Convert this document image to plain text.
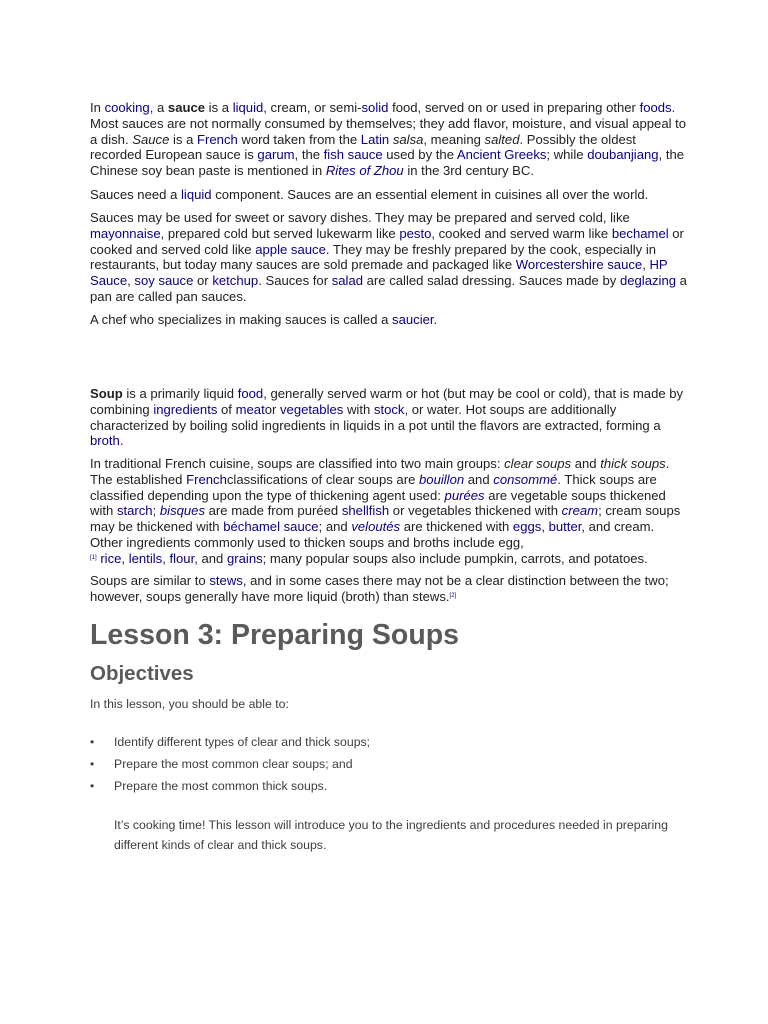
In cooking, a sauce is a liquid, cream, or semi-solid food, served on or used in preparing other foods. Most sauces are not normally consumed by themselves; they add flavor, moisture, and visual appeal to a dish. Sauce is a French word taken from the Latin salsa, meaning salted. Possibly the oldest recorded European sauce is garum, the fish sauce used by the Ancient Greeks; while doubanjiang, the Chinese soy bean paste is mentioned in Rites of Zhou in the 3rd century BC.

Sauces need a liquid component. Sauces are an essential element in cuisines all over the world.

Sauces may be used for sweet or savory dishes. They may be prepared and served cold, like mayonnaise, prepared cold but served lukewarm like pesto, cooked and served warm like bechamel or cooked and served cold like apple sauce. They may be freshly prepared by the cook, especially in restaurants, but today many sauces are sold premade and packaged like Worcestershire sauce, HP Sauce, soy sauce or ketchup. Sauces for salad are called salad dressing. Sauces made by deglazing a pan are called pan sauces.

A chef who specializes in making sauces is called a saucier.

Soup is a primarily liquid food, generally served warm or hot (but may be cool or cold), that is made by combining ingredients of meator vegetables with stock, or water. Hot soups are additionally characterized by boiling solid ingredients in liquids in a pot until the flavors are extracted, forming a broth.

In traditional French cuisine, soups are classified into two main groups: clear soups and thick soups. The established Frenchclassifications of clear soups are bouillon and consommé. Thick soups are classified depending upon the type of thickening agent used: purées are vegetable soups thickened with starch; bisques are made from puréed shellfish or vegetables thickened with cream; cream soups may be thickened with béchamel sauce; and veloutés are thickened with eggs, butter, and cream. Other ingredients commonly used to thicken soups and broths include egg,
[1] rice, lentils, flour, and grains; many popular soups also include pumpkin, carrots, and potatoes.

Soups are similar to stews, and in some cases there may not be a clear distinction between the two; however, soups generally have more liquid (broth) than stews.[2]

Lesson 3: Preparing Soups
Objectives

In this lesson, you should be able to:

• Identify different types of clear and thick soups;
• Prepare the most common clear soups; and
• Prepare the most common thick soups.

It’s cooking time! This lesson will introduce you to the ingredients and procedures needed in preparing different kinds of clear and thick soups.
